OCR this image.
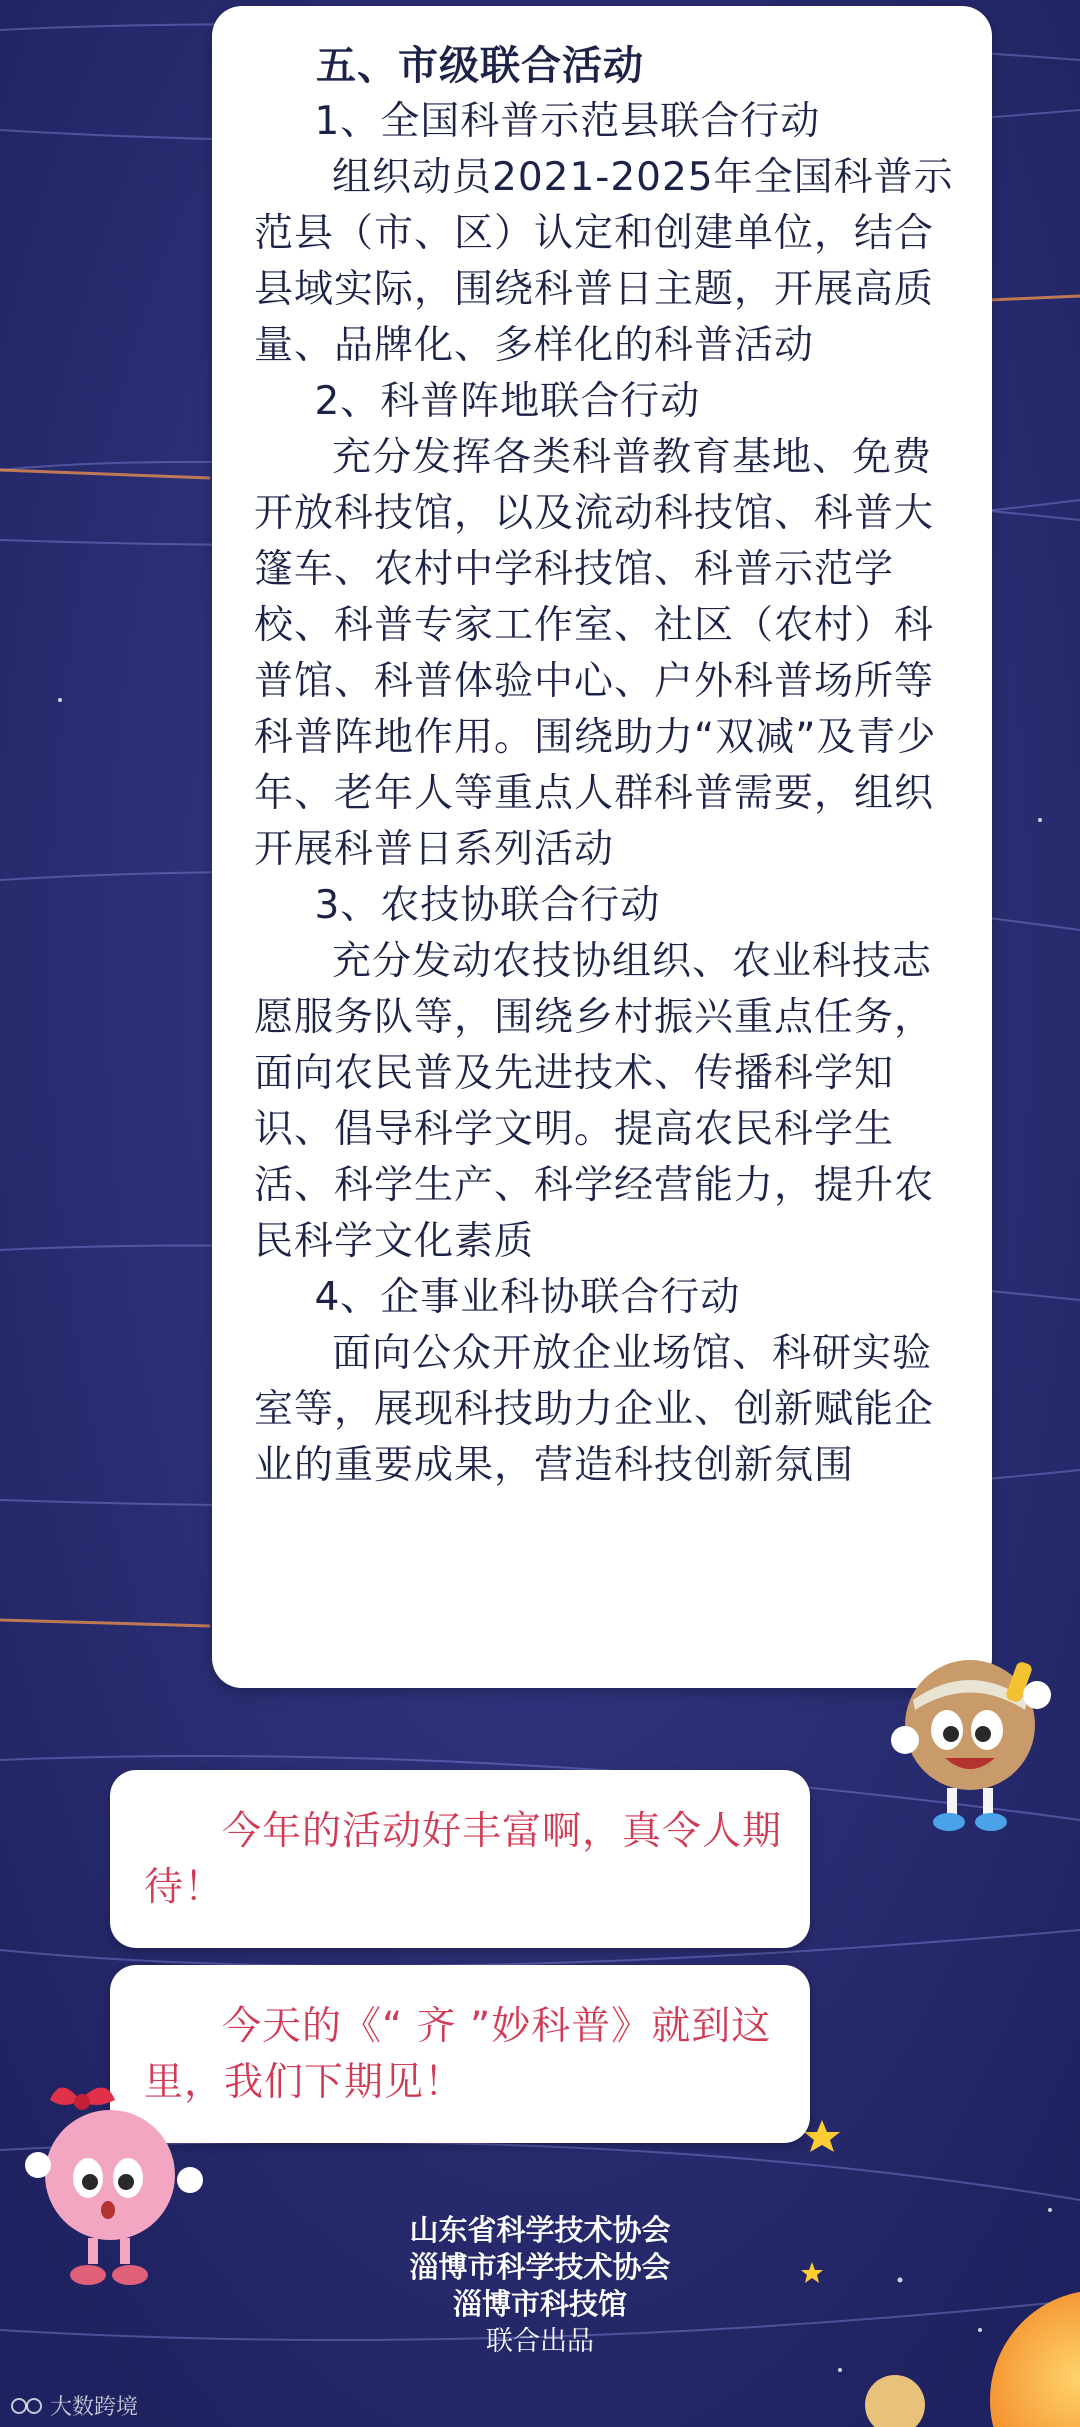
五、市级联合活动

1、全国科普示范县联合行动

组织动员2021-2025年全国科普示范县（市、区）认定和创建单位，结合县域实际，围绕科普日主题，开展高质量、品牌化、多样化的科普活动

2、科普阵地联合行动

充分发挥各类科普教育基地、免费开放科技馆，以及流动科技馆、科普大篷车、农村中学科技馆、科普示范学校、科普专家工作室、社区（农村）科普馆、科普体验中心、户外科普场所等科普阵地作用。围绕助力“双减”及青少年、老年人等重点人群科普需要，组织开展科普日系列活动

3、农技协联合行动

充分发动农技协组织、农业科技志愿服务队等，围绕乡村振兴重点任务，面向农民普及先进技术、传播科学知识、倡导科学文明。提高农民科学生活、科学生产、科学经营能力，提升农民科学文化素质

4、企事业科协联合行动

面向公众开放企业场馆、科研实验室等，展现科技助力企业、创新赋能企业的重要成果，营造科技创新氛围

今年的活动好丰富啊，真令人期待！

今天的《“ 齐 ”妙科普》就到这里，我们下期见！

山东省科学技术协会
淄博市科学技术协会
淄博市科技馆
联合出品
大数跨境
